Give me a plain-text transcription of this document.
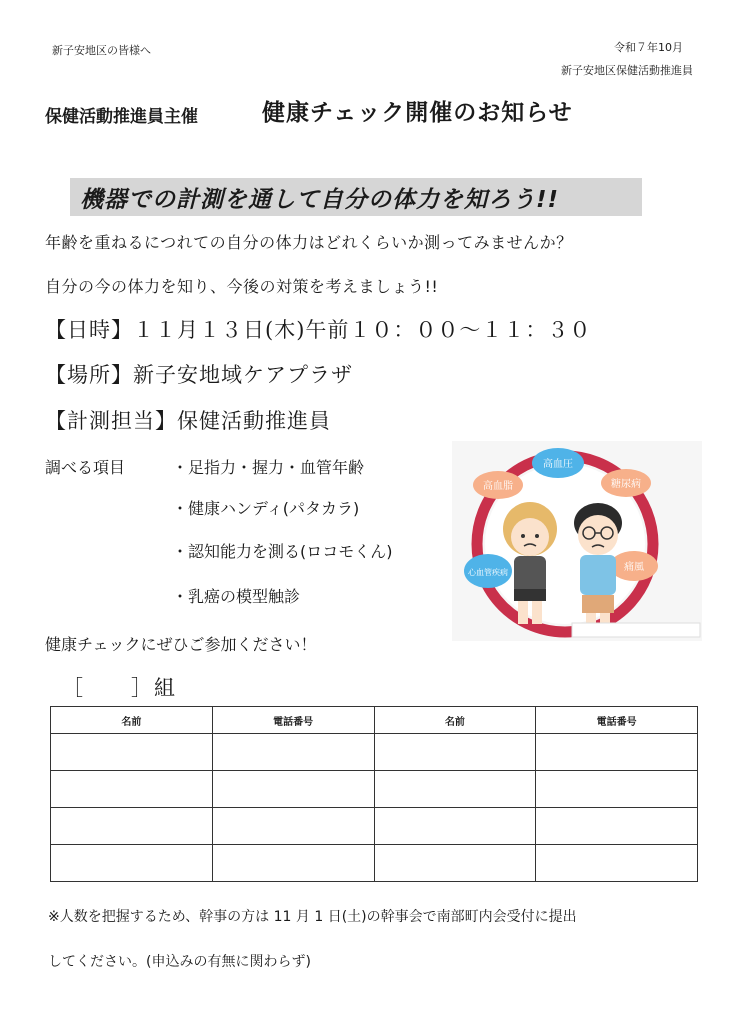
新子安地区の皆様へ	令和７年10月
新子安地区保健活動推進員
保健活動推進員主催	健康チェック開催のお知らせ
機器での計測を通して自分の体力を知ろう!!
年齢を重ねるにつれての自分の体力はどれくらいか測ってみませんか？
自分の今の体力を知り、今後の対策を考えましょう!!
【日時】１１月１３日(木)午前１０：００～１１：３０
【場所】新子安地域ケアプラザ
【計測担当】保健活動推進員
調べる項目	・足指力・握力・血管年齢
・健康ハンディ(パタカラ)
・認知能力を測る(ロコモくん)
・乳癌の模型触診
高血圧
高血脂	糖尿病
心血管疾病	痛風
健康チェックにぜひご参加ください！
［　　］組
名前	電話番号	名前	電話番号

※人数を把握するため、幹事の方は 11 月 1 日(土)の幹事会で南部町内会受付に提出
してください。(申込みの有無に関わらず)
